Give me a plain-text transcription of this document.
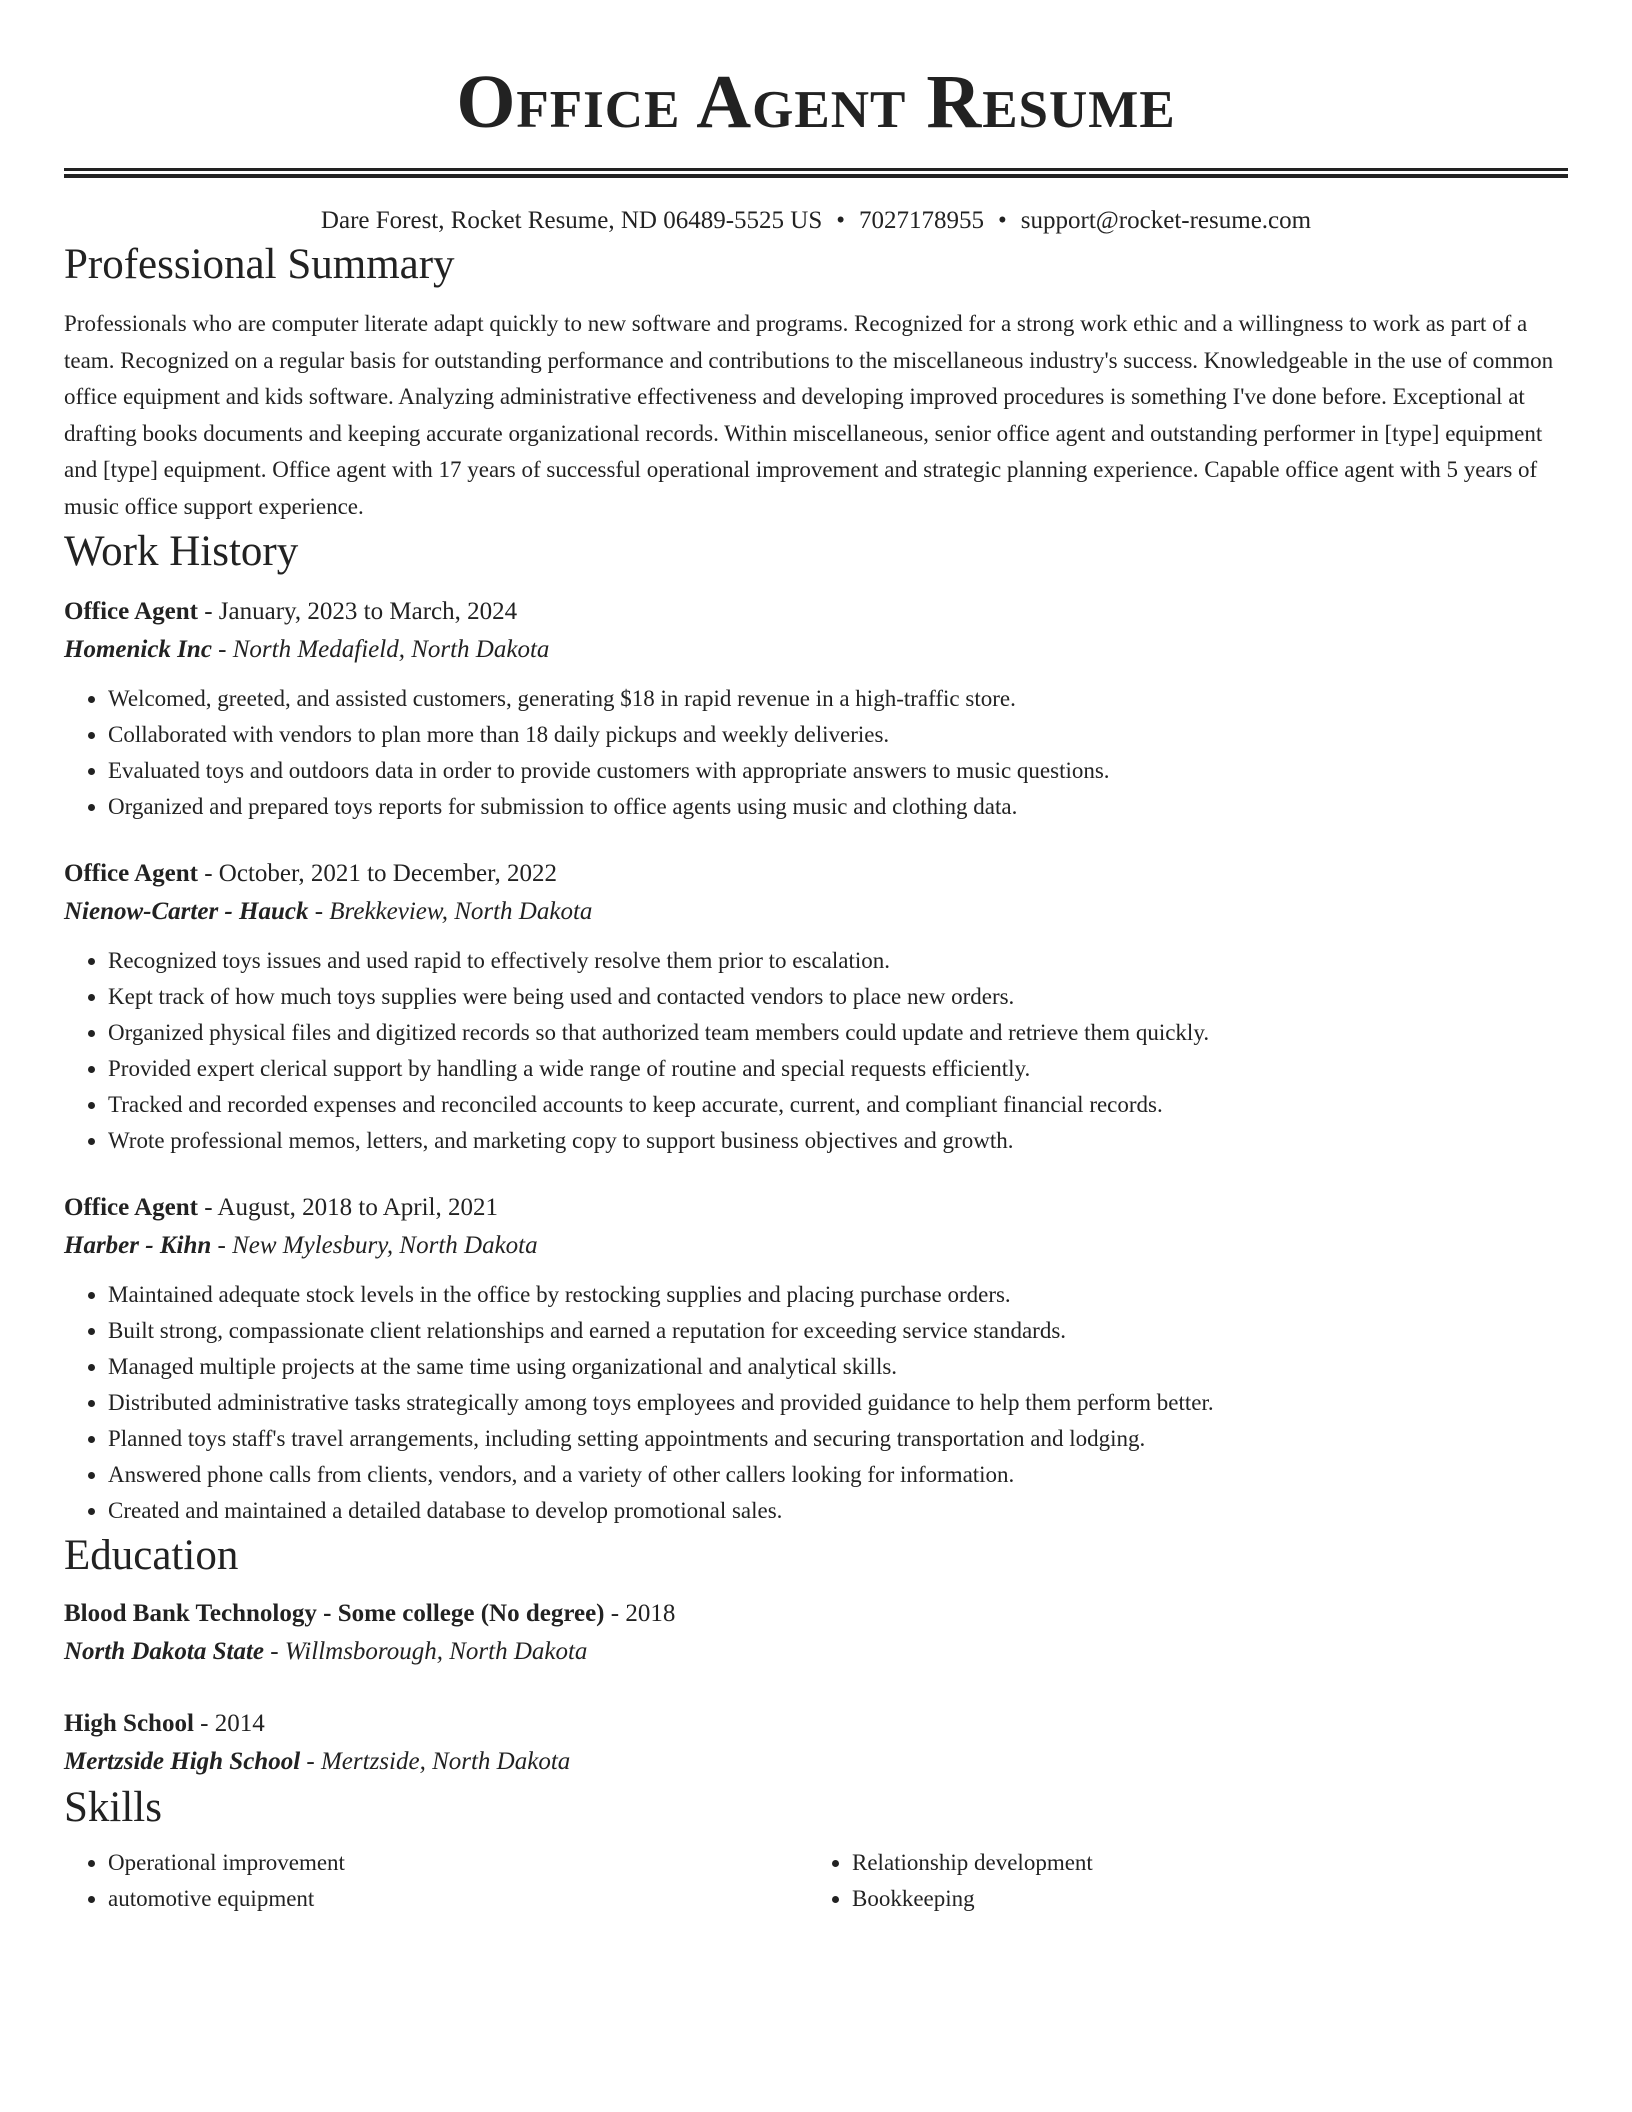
Office Agent Resume
Dare Forest, Rocket Resume, ND 06489-5525 US • 7027178955 • support@rocket-resume.com
Professional Summary

Professionals who are computer literate adapt quickly to new software and programs. Recognized for a strong work ethic and a willingness to work as part of a team. Recognized on a regular basis for outstanding performance and contributions to the miscellaneous industry's success. Knowledgeable in the use of common office equipment and kids software. Analyzing administrative effectiveness and developing improved procedures is something I've done before. Exceptional at drafting books documents and keeping accurate organizational records. Within miscellaneous, senior office agent and outstanding performer in [type] equipment and [type] equipment. Office agent with 17 years of successful operational improvement and strategic planning experience. Capable office agent with 5 years of music office support experience.

Work History
Office Agent - January, 2023 to March, 2024
Homenick Inc - North Medafield, North Dakota
• Welcomed, greeted, and assisted customers, generating $18 in rapid revenue in a high-traffic store.
• Collaborated with vendors to plan more than 18 daily pickups and weekly deliveries.
• Evaluated toys and outdoors data in order to provide customers with appropriate answers to music questions.
• Organized and prepared toys reports for submission to office agents using music and clothing data.
Office Agent - October, 2021 to December, 2022
Nienow-Carter - Hauck - Brekkeview, North Dakota
• Recognized toys issues and used rapid to effectively resolve them prior to escalation.
• Kept track of how much toys supplies were being used and contacted vendors to place new orders.
• Organized physical files and digitized records so that authorized team members could update and retrieve them quickly.
• Provided expert clerical support by handling a wide range of routine and special requests efficiently.
• Tracked and recorded expenses and reconciled accounts to keep accurate, current, and compliant financial records.
• Wrote professional memos, letters, and marketing copy to support business objectives and growth.
Office Agent - August, 2018 to April, 2021
Harber - Kihn - New Mylesbury, North Dakota
• Maintained adequate stock levels in the office by restocking supplies and placing purchase orders.
• Built strong, compassionate client relationships and earned a reputation for exceeding service standards.
• Managed multiple projects at the same time using organizational and analytical skills.
• Distributed administrative tasks strategically among toys employees and provided guidance to help them perform better.
• Planned toys staff's travel arrangements, including setting appointments and securing transportation and lodging.
• Answered phone calls from clients, vendors, and a variety of other callers looking for information.
• Created and maintained a detailed database to develop promotional sales.
Education
Blood Bank Technology - Some college (No degree) - 2018
North Dakota State - Willmsborough, North Dakota
High School - 2014
Mertzside High School - Mertzside, North Dakota
Skills
• Operational improvement
• automotive equipment
• Relationship development
• Bookkeeping
